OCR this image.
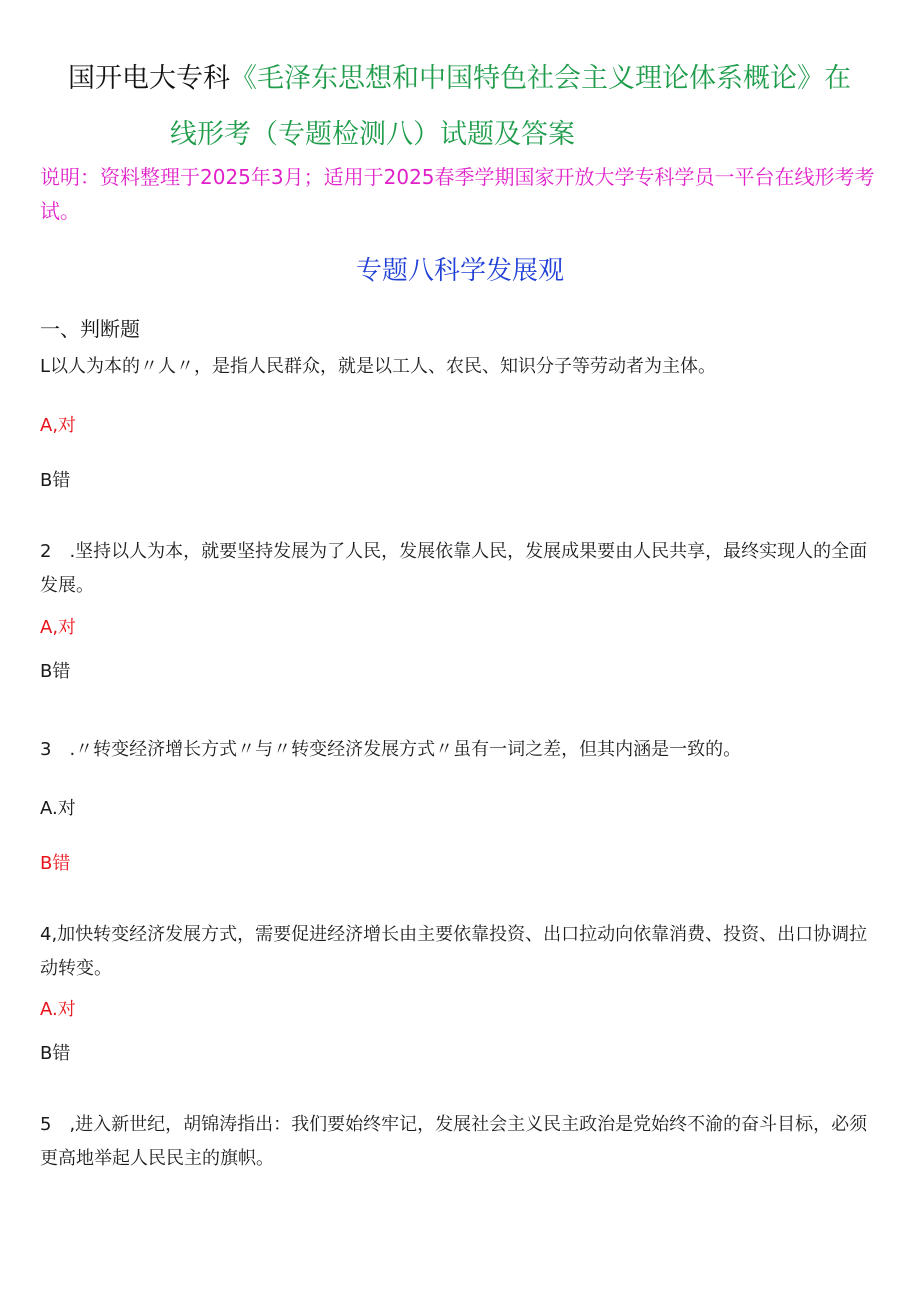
国开电大专科《毛泽东思想和中国特色社会主义理论体系概论》在
线形考（专题检测八）试题及答案
说明：资料整理于2025年3月；适用于2025春季学期国家开放大学专科学员一平台在线形考考试。
专题八科学发展观
一、判断题
L以人为本的〃人〃，是指人民群众，就是以工人、农民、知识分子等劳动者为主体。
A,对
B错
2　.坚持以人为本，就要坚持发展为了人民，发展依靠人民，发展成果要由人民共享，最终实现人的全面发展。
A,对
B错
3　.〃转变经济增长方式〃与〃转变经济发展方式〃虽有一词之差，但其内涵是一致的。
A.对
B错
4,加快转变经济发展方式，需要促进经济增长由主要依靠投资、出口拉动向依靠消费、投资、出口协调拉动转变。
A.对
B错
5　,进入新世纪，胡锦涛指出：我们要始终牢记，发展社会主义民主政治是党始终不渝的奋斗目标，必须更高地举起人民民主的旗帜。
